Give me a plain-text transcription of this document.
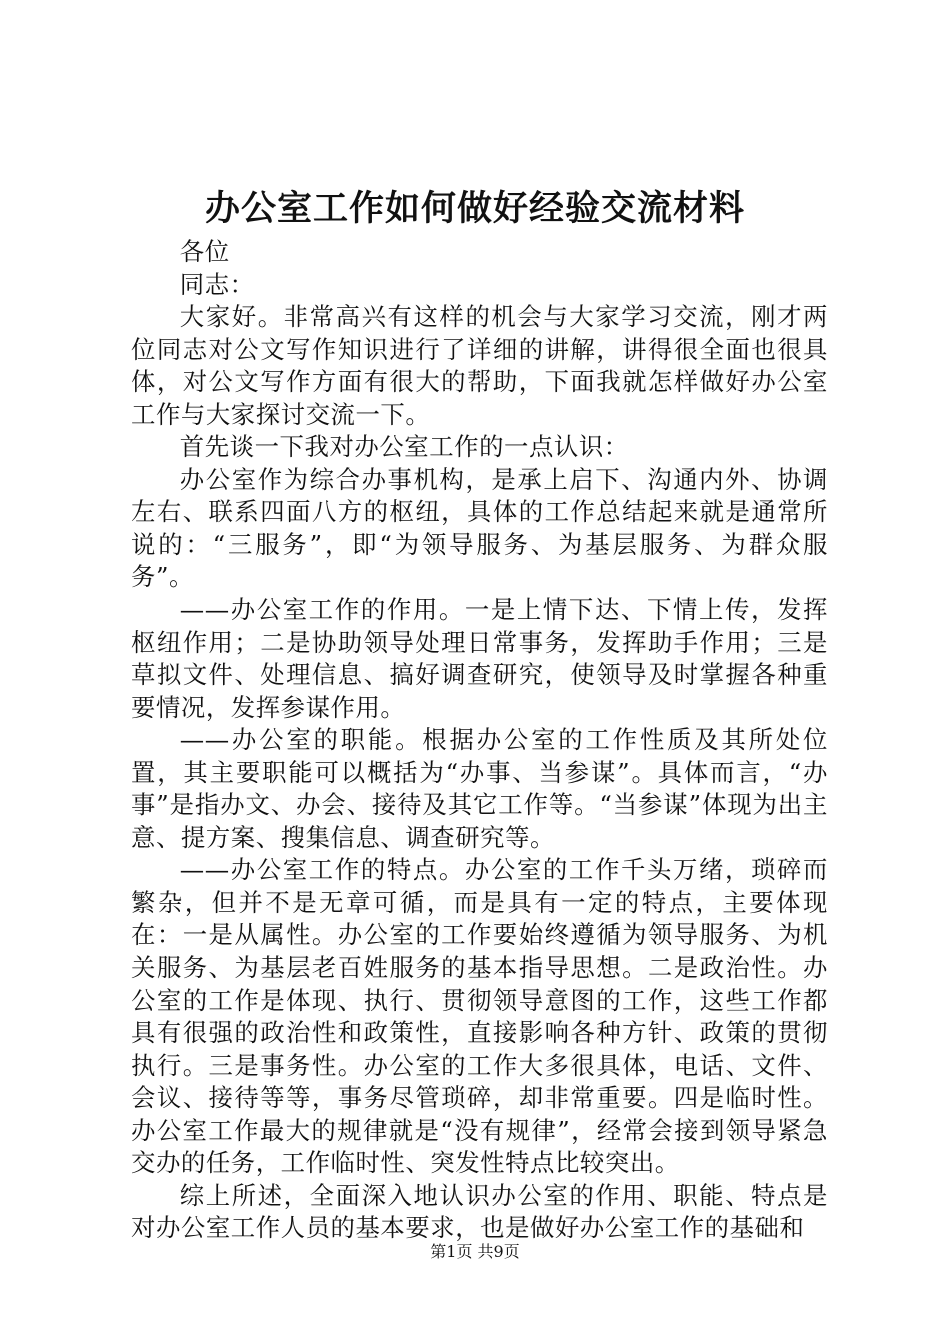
办公室工作如何做好经验交流材料

各位

同志：

大家好。非常高兴有这样的机会与大家学习交流，刚才两位同志对公文写作知识进行了详细的讲解，讲得很全面也很具体，对公文写作方面有很大的帮助，下面我就怎样做好办公室工作与大家探讨交流一下。

首先谈一下我对办公室工作的一点认识：

办公室作为综合办事机构，是承上启下、沟通内外、协调左右、联系四面八方的枢纽，具体的工作总结起来就是通常所说的：“三服务”，即“为领导服务、为基层服务、为群众服务”。

——办公室工作的作用。一是上情下达、下情上传，发挥枢纽作用；二是协助领导处理日常事务，发挥助手作用；三是草拟文件、处理信息、搞好调查研究，使领导及时掌握各种重要情况，发挥参谋作用。

——办公室的职能。根据办公室的工作性质及其所处位置，其主要职能可以概括为“办事、当参谋”。具体而言，“办事”是指办文、办会、接待及其它工作等。“当参谋”体现为出主意、提方案、搜集信息、调查研究等。

——办公室工作的特点。办公室的工作千头万绪，琐碎而繁杂，但并不是无章可循，而是具有一定的特点，主要体现在：一是从属性。办公室的工作要始终遵循为领导服务、为机关服务、为基层老百姓服务的基本指导思想。二是政治性。办公室的工作是体现、执行、贯彻领导意图的工作，这些工作都具有很强的政治性和政策性，直接影响各种方针、政策的贯彻执行。三是事务性。办公室的工作大多很具体，电话、文件、会议、接待等等，事务尽管琐碎，却非常重要。四是临时性。办公室工作最大的规律就是“没有规律”，经常会接到领导紧急交办的任务，工作临时性、突发性特点比较突出。

综上所述，全面深入地认识办公室的作用、职能、特点是对办公室工作人员的基本要求，也是做好办公室工作的基础和

第1页 共9页
